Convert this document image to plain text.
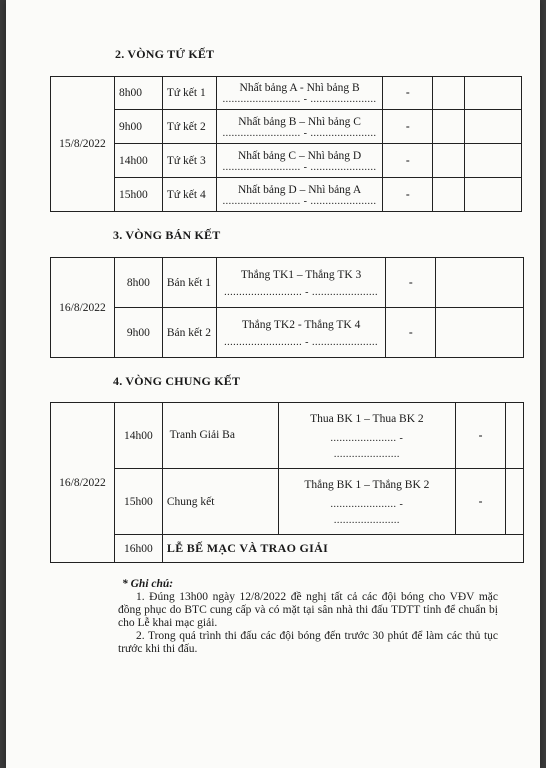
2. VÒNG TỨ KẾT
15/8/2022	8h00	Tứ kết 1	Nhất bảng A - Nhì bảng B
.......................... - ......................	-		
	9h00	Tứ kết 2	Nhất bảng B – Nhì bảng C
.......................... - ......................	-		
	14h00	Tứ kết 3	Nhất bảng C – Nhì bảng D
.......................... - ......................	-		
	15h00	Tứ kết 4	Nhất bảng D – Nhì bảng A
.......................... - ......................	-		
3. VÒNG BÁN KẾT
16/8/2022	8h00	Bán kết 1	Thắng TK1 – Thắng TK 3
.......................... - ......................	-	
	9h00	Bán kết 2	Thắng TK2 - Thắng TK 4
.......................... - ......................	-	
4. VÒNG CHUNG KẾT
16/8/2022	14h00	Tranh Giải Ba	Thua BK 1 – Thua BK 2
...................... -
......................	-	
	15h00	Chung kết	Thắng BK 1 – Thắng BK 2
...................... -
......................	-	
	16h00	LỄ BẾ MẠC VÀ TRAO GIẢI			
* Ghi chú:

1. Đúng 13h00 ngày 12/8/2022 đề nghị tất cả các đội bóng cho VĐV mặc đồng phục do BTC cung cấp và có mặt tại sân nhà thi đấu TDTT tỉnh để chuẩn bị cho Lễ khai mạc giải.

2. Trong quá trình thi đấu các đội bóng đến trước 30 phút để làm các thủ tục trước khi thi đấu.
